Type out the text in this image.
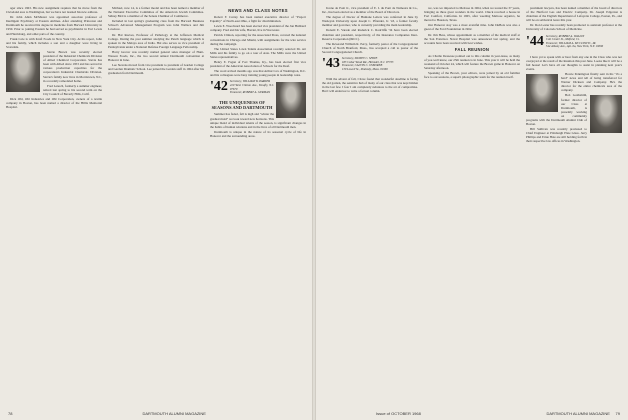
ager since 1963. His new assignment requires that he move from the Cleveland area to Washington, but we have not learned his new address.

Dr. John Allen McMaster was appointed associate professor of Intelligent Psychiatry at Eastern Airlines. After attending Princeton and Dartmouth he received his degree in medicine from Harvard University in 1950. Prior to joining Eastern he had served as psychiatrist in Fort Lewis and Harrisburg, and other parts of the country.

Frank Cole is with Kraft Foods in New York City. At his report, John and his family, which includes a son and a daughter were living in Scarsdale.

Stevie Brown was recently elected president of the Industrial Chemicals Division of Allied Chemical Corporation. Stevie has been with Allied since 1953 and has served in various production capacities for the corporation's Industrial Chemicals Division. Stevie's family now lives in Morristown, N.J., in a recently remodeled home.

Fred Lenoch, formerly a summer engineer, retired last spring to his second term on the City Council of Beverly Hills, Calif.

Dick Ohl, Ohl Industries and Ohl Corporation, owners of a textile company in Boston, has been named a director of the Hillis Memorial Hospital.

Michael, now 14, is a former model and has been named a member of the National Executive Committee of the American Jewish Committee. Sidney Bird is a member of the Senate Chamber of Commerce.

Included in last spring's graduating class from the Harvard Business School's Advanced Management Program was John Wallace and Jim Lovelace.

Dr. Hal Reeves, Professor of Pathology at the Jefferson Medical College. During the past summer studying the Punch language which is spoken in the Malaya area of India. Hal also serves as vice president of Pennsylvania under a National Defense Foreign Language Fellowship.

Harry Grover was recently named general sales manager of Hunt-Wesson Foods, Inc., the two second annual Dartmouth convention at Hanover in June.

Lee Stevens moved from vice president to president of Garden College and Garden Dramatic School. Lee joined the Garden staff in 1964 after his graduation from Dartmouth.

NEWS AND CLASS NOTES

Robert F. Curray has been named executive director of "Project Equality" of North-east Ohio, a fight for discrimination.

Lewis E. Woodward has been elected vice president of the Jan Hubbard company. Fred and his wife, Harriet, live in Worcester.

Patrick Clinton, reporting for the Associated Press, covered the national conventions in Chicago and Miami, with assignments for the wire service during the campaign.

The United States Lawn Tennis Association recently selected Dr. Art Mills and his family to go on a tour of Asia. The Mills were the United States representatives.

Henry E. Fagan of Fort Thomas, Ky., has been elected first vice president of the American Association of Schools for the Deaf.

The word arrived months ago was that Arthur Cox of Washington, D.C. and his colleagues were busy training young people in leadership roles.

'42 Secretary, WILLIAM W. PARKER
220 West Clinton Ave., Tenafly, N.J. 07670
Treasurer, ROBERT A. GERMAN
THE UNIQUENESS OF SEASONS AND DARTMOUTH

Summer has faded, fall is nigh and "winter the gradual mold" we look toward new horizons. This unique blend of individual talents of the season, is significant changes in the habits of human relations and in the lives of all Dartmouth men.

Dartmouth is unique in the nature of its seasonal cycle of life in Hanover and the surrounding areas.

78	DARTMOUTH ALUMNI MAGAZINE

Ircene de Pont Jr., vice president of E. I. du Pont de Nemours & Co., Inc., has been elected as a member of the Board of Directors.

The degree of Doctor of Humane Letters was conferred in June by Wesleyan University upon Joseph C. Pfrunder, Jr. '43, a former faculty member and governor, who is currently providing the main leadership.

Donald E. Varade and Roderick C. Radcliffe '34 have been elected chairman and president, respectively, of the Insurance Companies Inter-Reserve Corporation (IRCC).

The Reverend William R. Perry, formerly pastor of the Congregational Church of North Branford, Mass., has accepted a call to pastor of the Second Congregational Church.

'43 Secretary, SIDNEY C. SHIVE
183 Cedar Wood Rd., Holmdel, N.J. 07733
Treasurer, CALVIN C. OSBORNE
130 Lowell St., Peabody, Mass. 01960

With the advent of fall, I have found that wonderful deadline is facing the old garden, the sensitive hub of many of our class that was kept hidden in the last few. I fear I am completely nebulous to the art of compromise. But I will endeavor to write a factual column.

we, was we imported to Melrose in 1964, when we toured the 37 years, bringing us three great wonders in the world. Chuck received a house in Fort Comfort, California. In 1965, after weeding Melrose organics, he moved to Houston, Texas.

Our Hanover stay was a most eventful time. John DuBois was also a guest of the Ford Foundation in 1962.

Dr. Jim Hess, whose appointment as a member of the medical staff at the San Francisco Naval Hospital was announced last spring, and the accounts have been received with best wishes.

FALL REUNION

As Charlie Dessesse pointed out to this column in year-issue, as many of you well know, our 25th reunion is in June. This year it will be held the weekend of October 24, which will feature the Brown game in Hanover on Saturday afternoon.

Speaking of the Brown, your editors, were joined by an old familiar face to our sessions, a superb photographic team for the reunion itself.

prominent lawyers, has been named a member of the board of directors of the Hartford Gas and Electric Company. Dr. Joseph Edgerton is chairman of the English Department of Lafayette College, Easton, Pa., and will be on sabbatical leave this year.

Dr. Don Lester has recently been promoted to assistant professor at the University of Colorado School of Medicine.

'44 Secretary, ROBERT A. WALLIN
Colt Center St., Milford, Ct.
Treasurer, WILLIAM A. MCCLINTIC, JR.
544 Albany Ave., Apt. 6a, New York, N.Y. 10006

I have yet to speak with or hear from any one in the Class who was not overjoyed at the result of the Reunion this past June. Looks like it will be a full house! Let's have all our thoughts to assist in planning next year's events.

Howie Pennington finally sent in his "it's a hard" news and tell of being transferred for Warner Dickson and Company. He's the director for the entire chemicals area of the company.

Bob Goldsmith, former director of our Class at Dartmouth, is presently working on community programs with the Dartmouth Alumni Club of Boston.

Bill Sullivan was recently promoted to Chief Engineer at Pittsburgh Plate Glass. Jerry Phillips and Ernie Hale are still holding forth in their respective law offices in Washington.

Issue of OCTOBER 1968	DARTMOUTH ALUMNI MAGAZINE 79
